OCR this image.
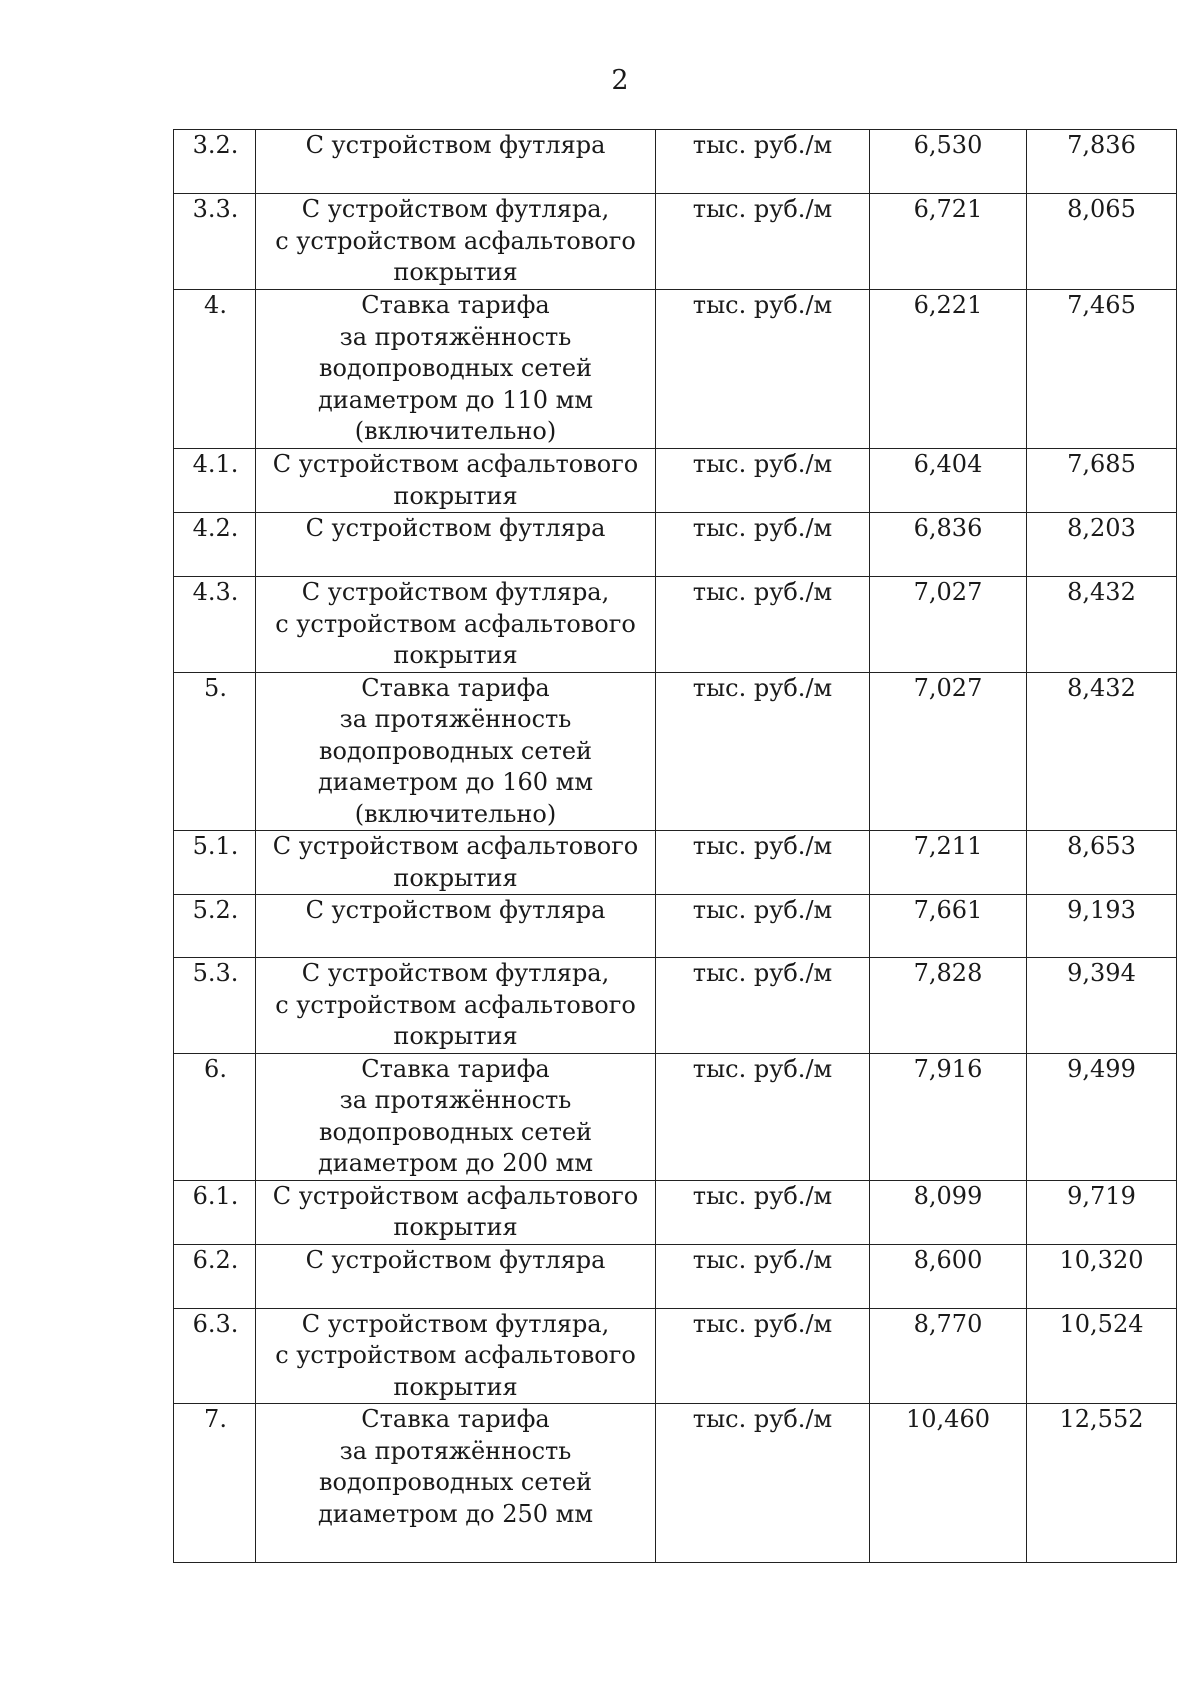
2
3.2.	С устройством футляра	тыс. руб./м	6,530	7,836
3.3.	С устройством футляра,
с устройством асфальтового
покрытия	тыс. руб./м	6,721	8,065
4.	Ставка тарифа
за протяжённость
водопроводных сетей
диаметром до 110 мм
(включительно)	тыс. руб./м	6,221	7,465
4.1.	С устройством асфальтового
покрытия	тыс. руб./м	6,404	7,685
4.2.	С устройством футляра	тыс. руб./м	6,836	8,203
4.3.	С устройством футляра,
с устройством асфальтового
покрытия	тыс. руб./м	7,027	8,432
5.	Ставка тарифа
за протяжённость
водопроводных сетей
диаметром до 160 мм
(включительно)	тыс. руб./м	7,027	8,432
5.1.	С устройством асфальтового
покрытия	тыс. руб./м	7,211	8,653
5.2.	С устройством футляра	тыс. руб./м	7,661	9,193
5.3.	С устройством футляра,
с устройством асфальтового
покрытия	тыс. руб./м	7,828	9,394
6.	Ставка тарифа
за протяжённость
водопроводных сетей
диаметром до 200 мм	тыс. руб./м	7,916	9,499
6.1.	С устройством асфальтового
покрытия	тыс. руб./м	8,099	9,719
6.2.	С устройством футляра	тыс. руб./м	8,600	10,320
6.3.	С устройством футляра,
с устройством асфальтового
покрытия	тыс. руб./м	8,770	10,524
7.	Ставка тарифа
за протяжённость
водопроводных сетей
диаметром до 250 мм	тыс. руб./м	10,460	12,552
